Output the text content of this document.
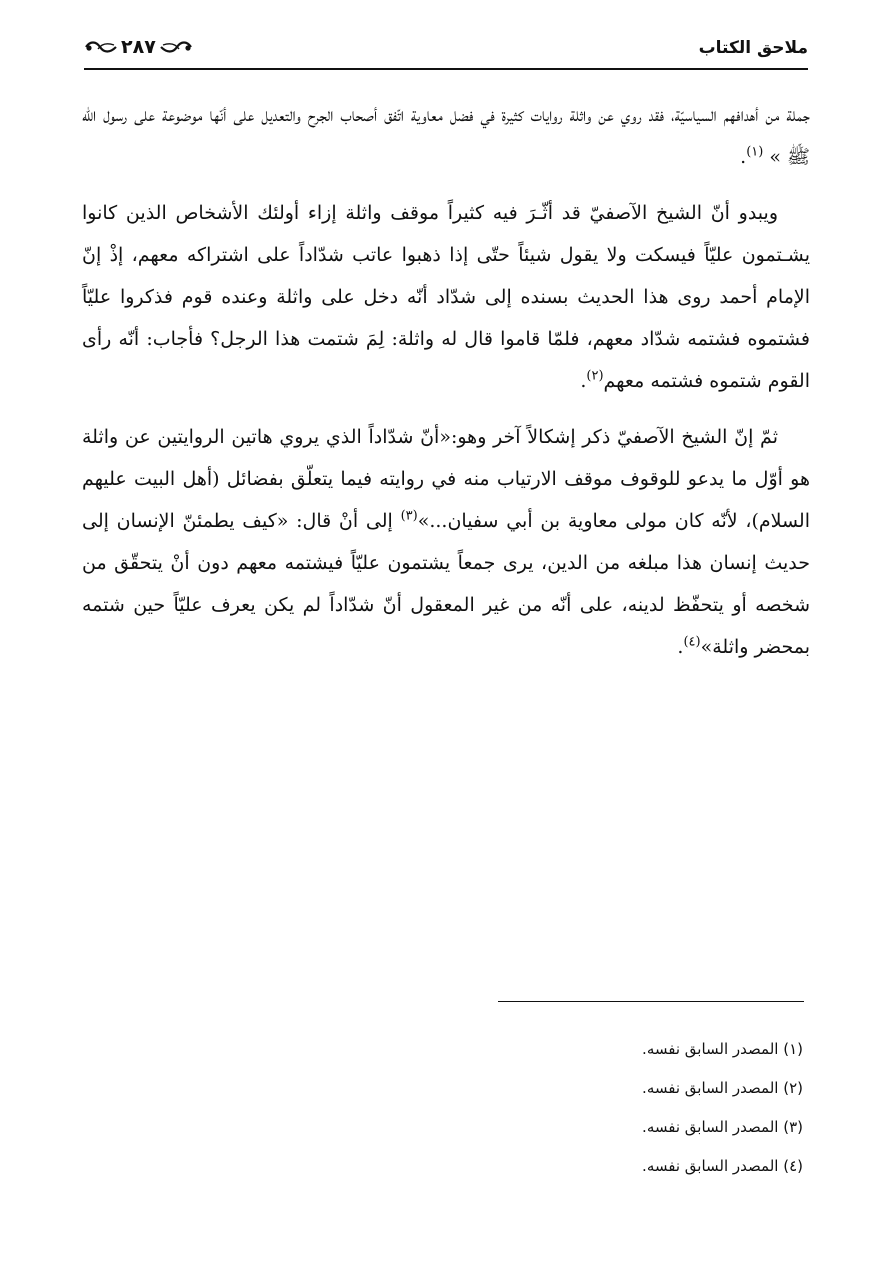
ملاحق الكتاب
٢٨٧

جملة من أهدافهم السياسيّة، فقد روي عن واثلة روايات كثيرة في فضل معاوية اتّفق أصحاب الجرح والتعديل على أنّها موضوعة على رسول الله ﷺ » $^{(١)}$.

ويبدو أنّ الشيخ الآصفيّ قد أثّـرَ فيه كثيراً موقف واثلة إزاء أولئك الأشخاص الذين كانوا يشـتمون عليّاً فيسكت ولا يقول شيئاً حتّى إذا ذهبوا عاتب شدّاداً على اشتراكه معهم، إذْ إنّ الإمام أحمد روى هذا الحديث بسنده إلى شدّاد أنّه دخل على واثلة وعنده قوم فذكروا عليّاً فشتموه فشتمه شدّاد معهم، فلمّا قاموا قال له واثلة: لِمَ شتمت هذا الرجل؟ فأجاب: أنّه رأى القوم شتموه فشتمه معهم$^{(٢)}$.

ثمّ إنّ الشيخ الآصفيّ ذكر إشكالاً آخر وهو:«أنّ شدّاداً الذي يروي هاتين الروايتين عن واثلة هو أوّل ما يدعو للوقوف موقف الارتياب منه في روايته فيما يتعلّق بفضائل (أهل البيت عليهم السلام)، لأنّه كان مولى معاوية بن أبي سفيان...»$^{(٣)}$ إلى أنْ قال: «كيف يطمئنّ الإنسان إلى حديث إنسان هذا مبلغه من الدين، يرى جمعاً يشتمون عليّاً فيشتمه معهم دون أنْ يتحقّق من شخصه أو يتحفّظ لدينه، على أنّه من غير المعقول أنّ شدّاداً لم يكن يعرف عليّاً حين شتمه بمحضر واثلة»$^{(٤)}$.

(١) المصدر السابق نفسه.
(٢) المصدر السابق نفسه.
(٣) المصدر السابق نفسه.
(٤) المصدر السابق نفسه.
